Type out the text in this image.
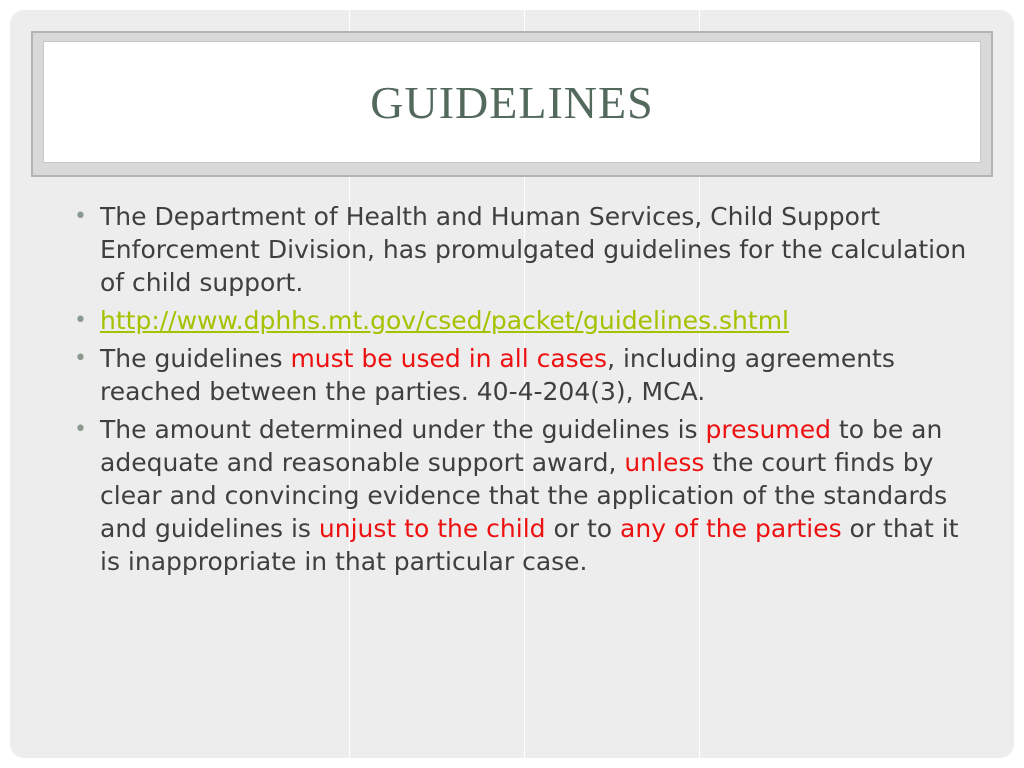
GUIDELINES
• The Department of Health and Human Services, Child Support Enforcement Division, has promulgated guidelines for the calculation of child support.
• http://www.dphhs.mt.gov/csed/packet/guidelines.shtml
• The guidelines must be used in all cases, including agreements reached between the parties. 40-4-204(3), MCA.
• The amount determined under the guidelines is presumed to be an adequate and reasonable support award, unless the court finds by clear and convincing evidence that the application of the standards and guidelines is unjust to the child or to any of the parties or that it is inappropriate in that particular case.
